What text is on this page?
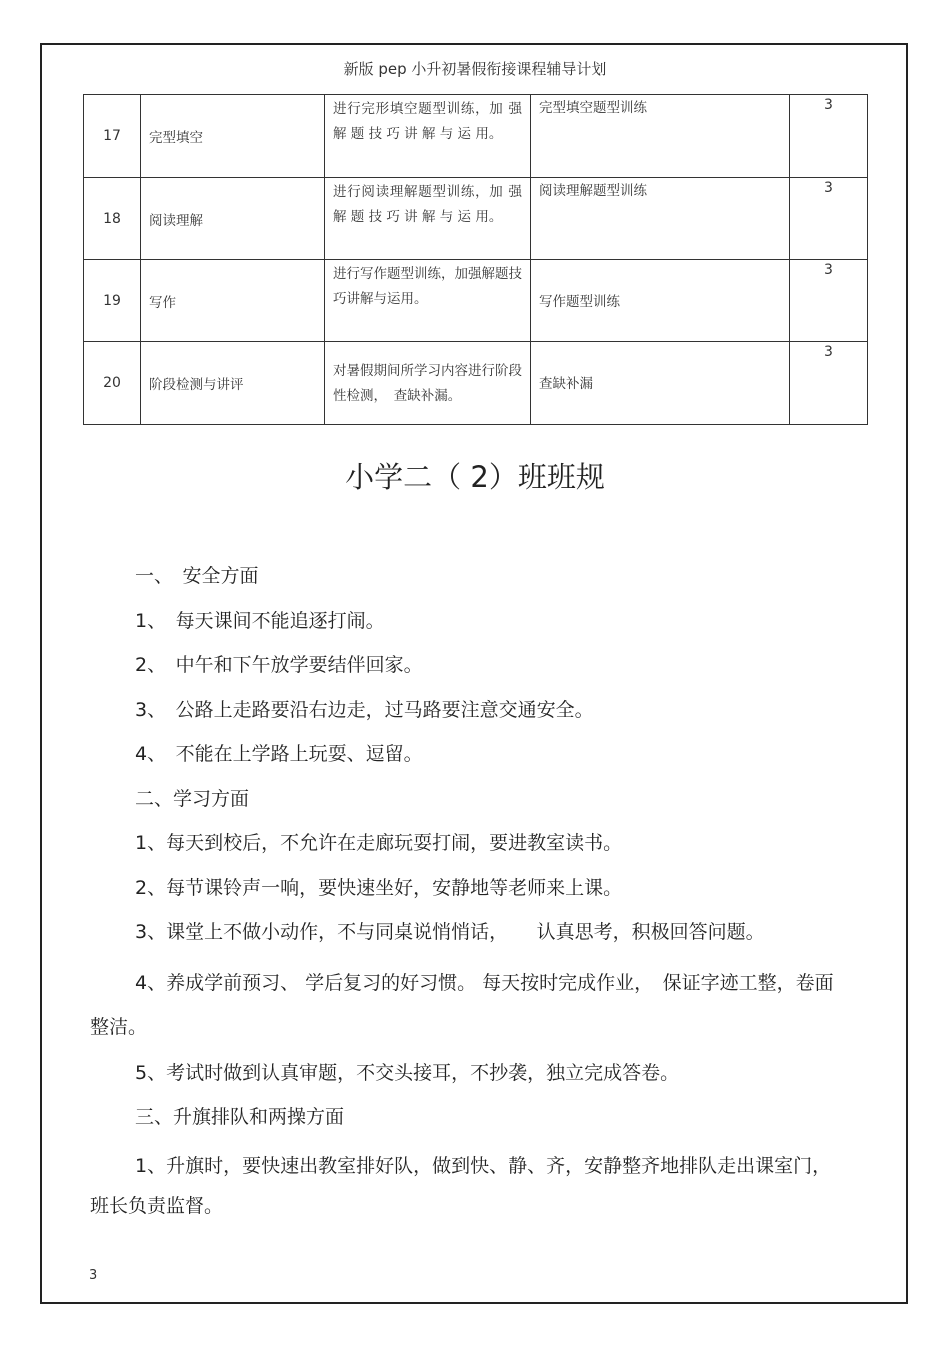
新版 pep 小升初暑假衔接课程辅导计划
17	完型填空	进行完形填空题型训练，加 强 解 题 技 巧 讲 解 与 运 用。	完型填空题型训练	3
18	阅读理解	进行阅读理解题型训练，加 强 解 题 技 巧 讲 解 与 运 用。	阅读理解题型训练	3
19	写作	进行写作题型训练，加强解题技巧讲解与运用。	写作题型训练	3
20	阶段检测与讲评	对暑假期间所学习内容进行阶段性检测，　查缺补漏。	查缺补漏	3
小学二（ 2）班班规
一、　安全方面
1、　每天课间不能追逐打闹。
2、　中午和下午放学要结伴回家。
3、　公路上走路要沿右边走，过马路要注意交通安全。
4、　不能在上学路上玩耍、逗留。
二、学习方面
1、每天到校后，不允许在走廊玩耍打闹，要进教室读书。
2、每节课铃声一响，要快速坐好，安静地等老师来上课。
3、课堂上不做小动作，不与同桌说悄悄话，　　认真思考，积极回答问题。
4、养成学前预习、 学后复习的好习惯。 每天按时完成作业，　保证字迹工整，卷面整洁。
5、考试时做到认真审题，不交头接耳，不抄袭，独立完成答卷。
三、升旗排队和两操方面
1、升旗时，要快速出教室排好队，做到快、静、齐，安静整齐地排队走出课室门，班长负责监督。
3
